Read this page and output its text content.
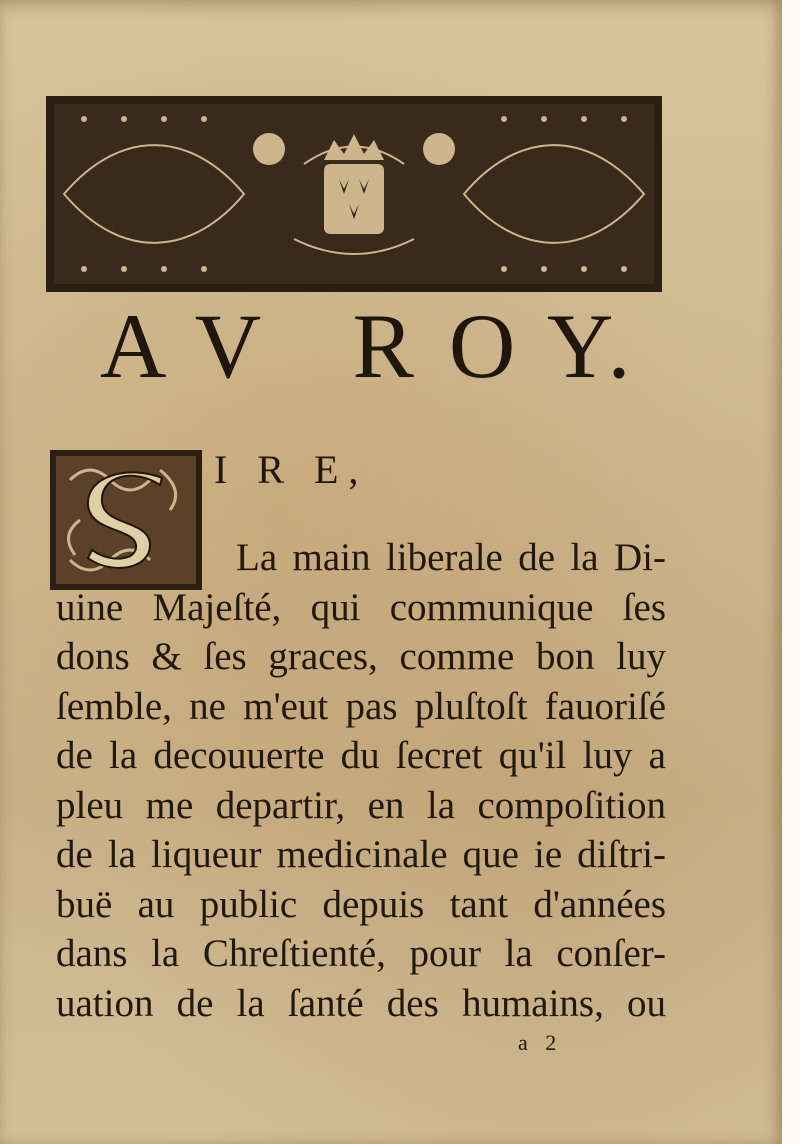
A V   R O Y.
I R E,
La main liberale de la Di-
uine Majeſté, qui communique ſes
dons & ſes graces, comme bon luy
ſemble, ne m'eut pas pluſtoſt fauoriſé
de la decouuerte du ſecret qu'il luy a
pleu me departir, en la compoſition
de la liqueur medicinale que ie diſtri-
buë au public depuis tant d'années
dans la Chreſtienté, pour la conſer-
uation de la ſanté des humains, ou
a 2
